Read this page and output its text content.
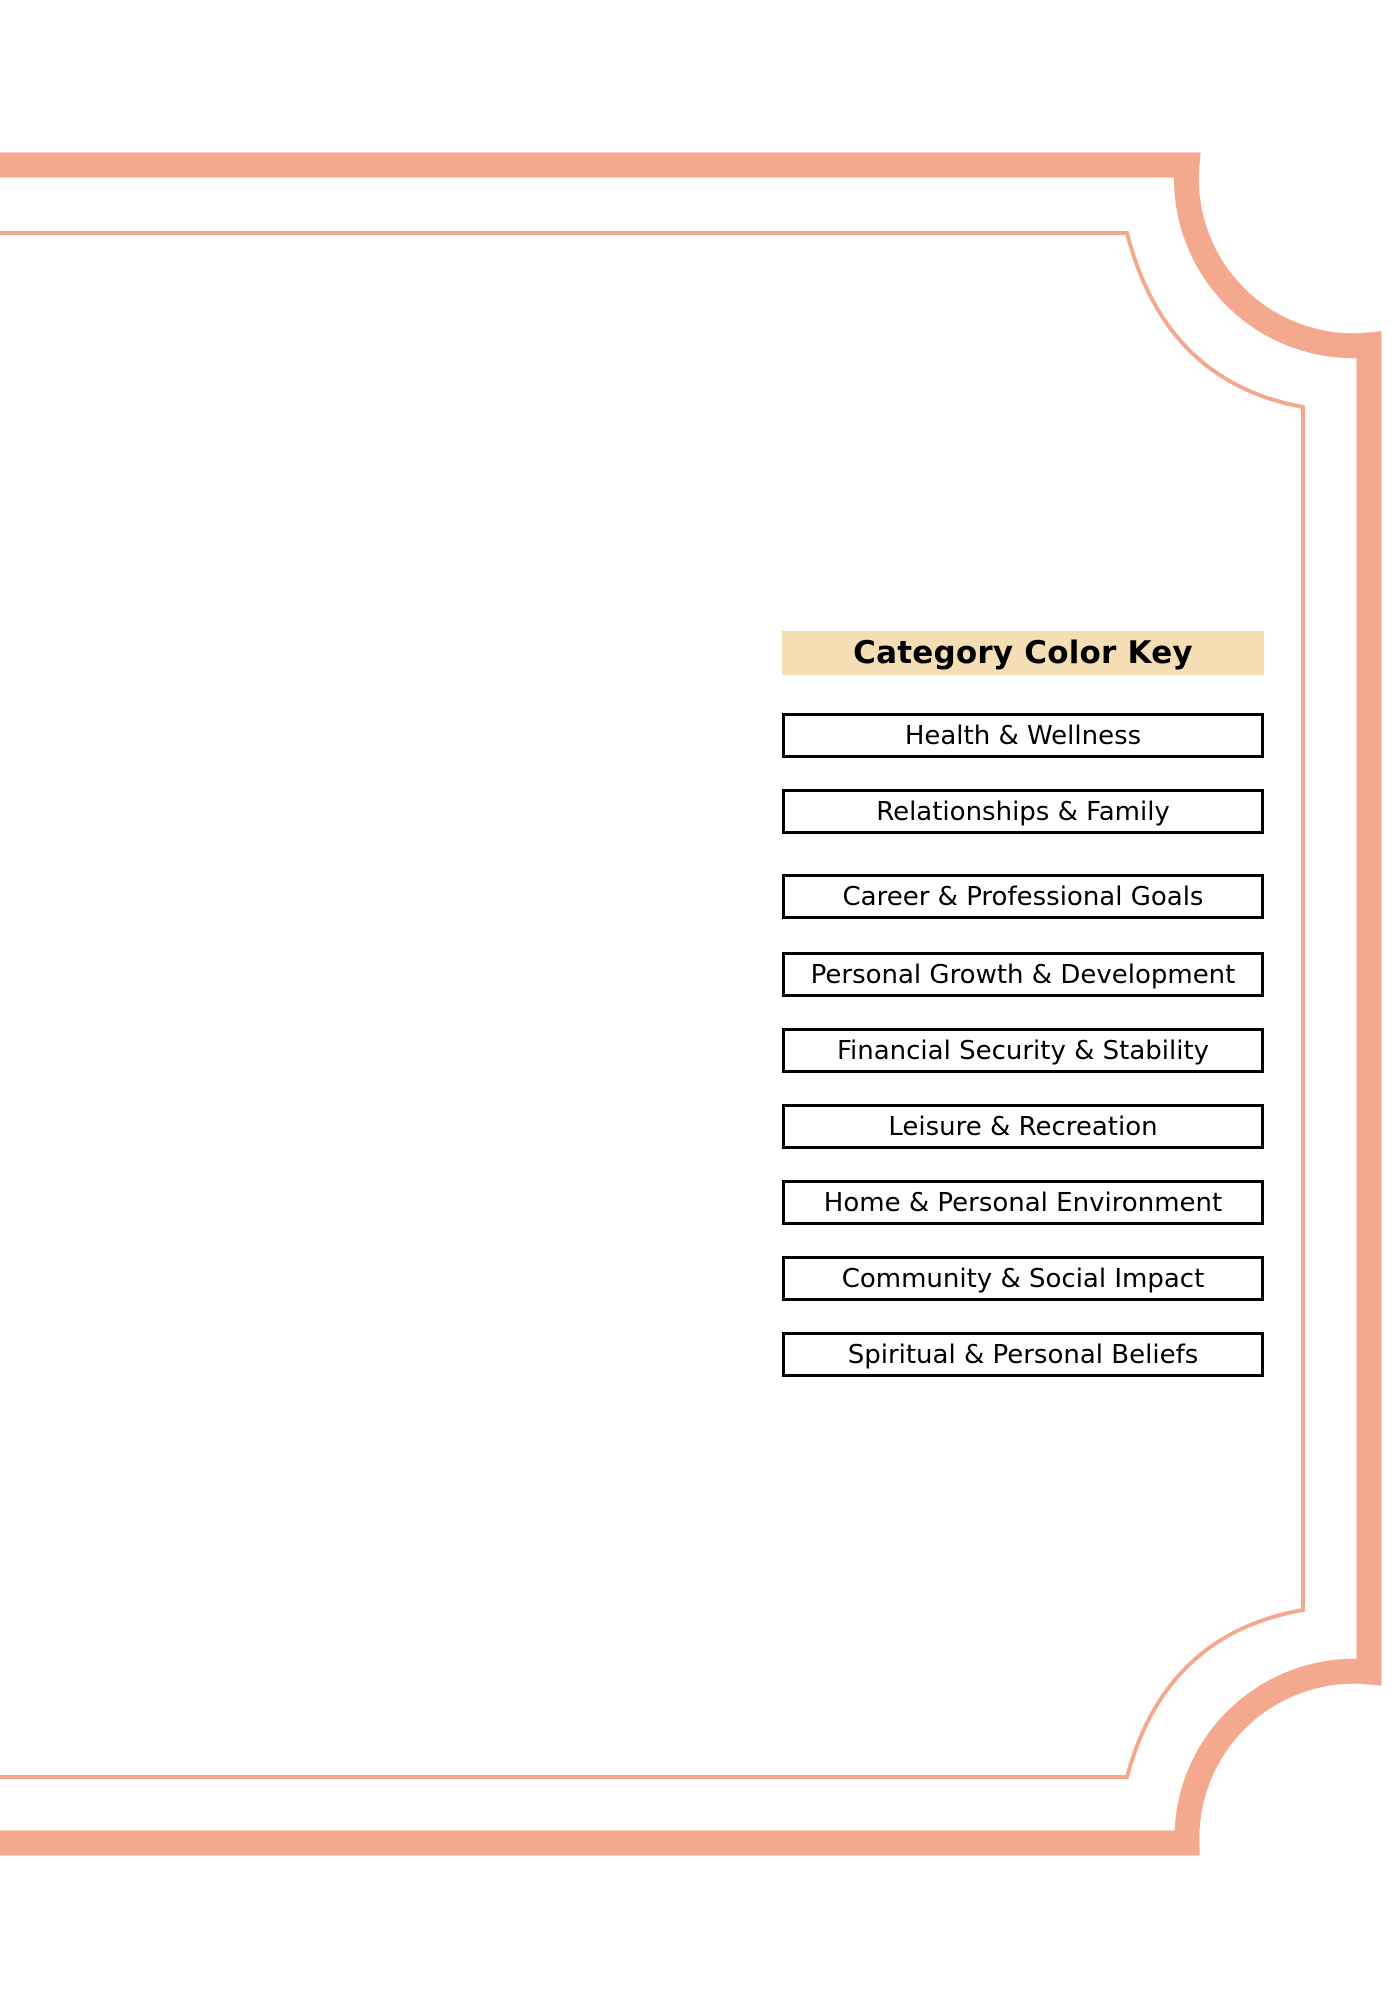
Category Color Key
Health & Wellness
Relationships & Family
Career & Professional Goals
Personal Growth & Development
Financial Security & Stability
Leisure & Recreation
Home & Personal Environment
Community & Social Impact
Spiritual & Personal Beliefs
